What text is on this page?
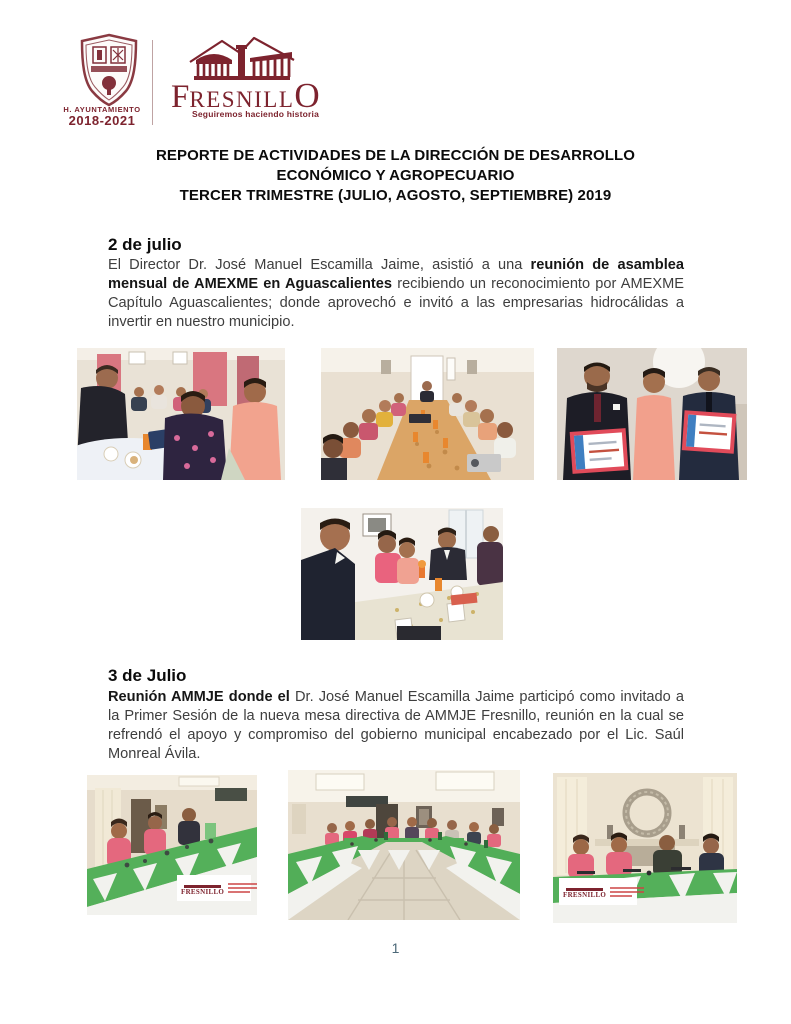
H. AYUNTAMIENTO
2018-2021
FRESNILLO
Seguiremos haciendo historia
REPORTE DE ACTIVIDADES DE LA DIRECCIÓN DE DESARROLLO
ECONÓMICO Y AGROPECUARIO
TERCER TRIMESTRE (JULIO, AGOSTO, SEPTIEMBRE) 2019
2 de julio
El Director Dr. José Manuel Escamilla Jaime, asistió a una reunión de asamblea mensual de AMEXME en Aguascalientes recibiendo un reconocimiento por AMEXME Capítulo Aguascalientes; donde aprovechó e invitó a las empresarias hidrocálidas a invertir en nuestro municipio.
3 de Julio
Reunión AMMJE donde el Dr. José Manuel Escamilla Jaime participó como invitado a la Primer Sesión de la nueva mesa directiva de AMMJE Fresnillo, reunión en la cual se refrendó el apoyo y compromiso del gobierno municipal encabezado por el Lic. Saúl Monreal Ávila.
FRESNILLO	FRESNILLO
1
